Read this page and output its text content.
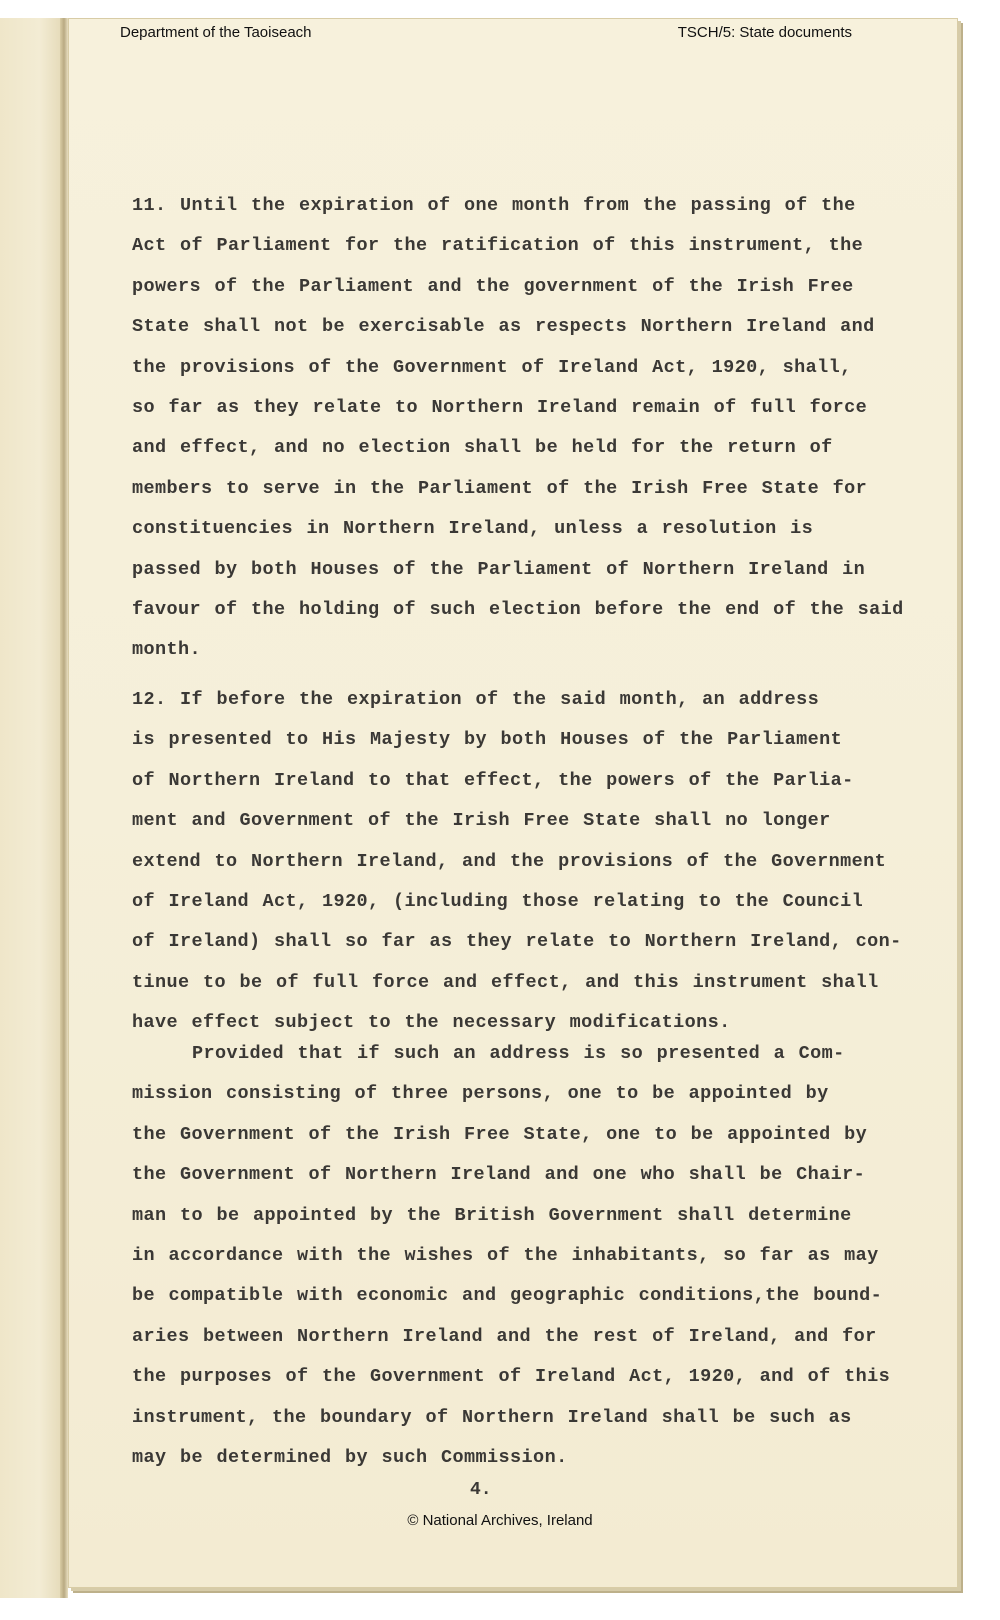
Department of the Taoiseach	TSCH/5: State documents
11. Until the expiration of one month from the passing of the
Act of Parliament for the ratification of this instrument, the
powers of the Parliament and the government of the Irish Free
State shall not be exercisable as respects Northern Ireland and
the provisions of the Government of Ireland Act, 1920, shall,
so far as they relate to Northern Ireland remain of full force
and effect, and no election shall be held for the return of
members to serve in the Parliament of the Irish Free State for
constituencies in Northern Ireland, unless a resolution is
passed by both Houses of the Parliament of Northern Ireland in
favour of the holding of such election before the end of the said
month.
12. If before the expiration of the said month, an address
is presented to His Majesty by both Houses of the Parliament
of Northern Ireland to that effect, the powers of the Parlia-
ment and Government of the Irish Free State shall no longer
extend to Northern Ireland, and the provisions of the Government
of Ireland Act, 1920, (including those relating to the Council
of Ireland) shall so far as they relate to Northern Ireland, con-
tinue to be of full force and effect, and this instrument shall
have effect subject to the necessary modifications.
Provided that if such an address is so presented a Com-
mission consisting of three persons, one to be appointed by
the Government of the Irish Free State, one to be appointed by
the Government of Northern Ireland and one who shall be Chair-
man to be appointed by the British Government shall determine
in accordance with the wishes of the inhabitants, so far as may
be compatible with economic and geographic conditions,the bound-
aries between Northern Ireland and the rest of Ireland, and for
the purposes of the Government of Ireland Act, 1920, and of this
instrument, the boundary of Northern Ireland shall be such as
may be determined by such Commission.
4.
© National Archives, Ireland
